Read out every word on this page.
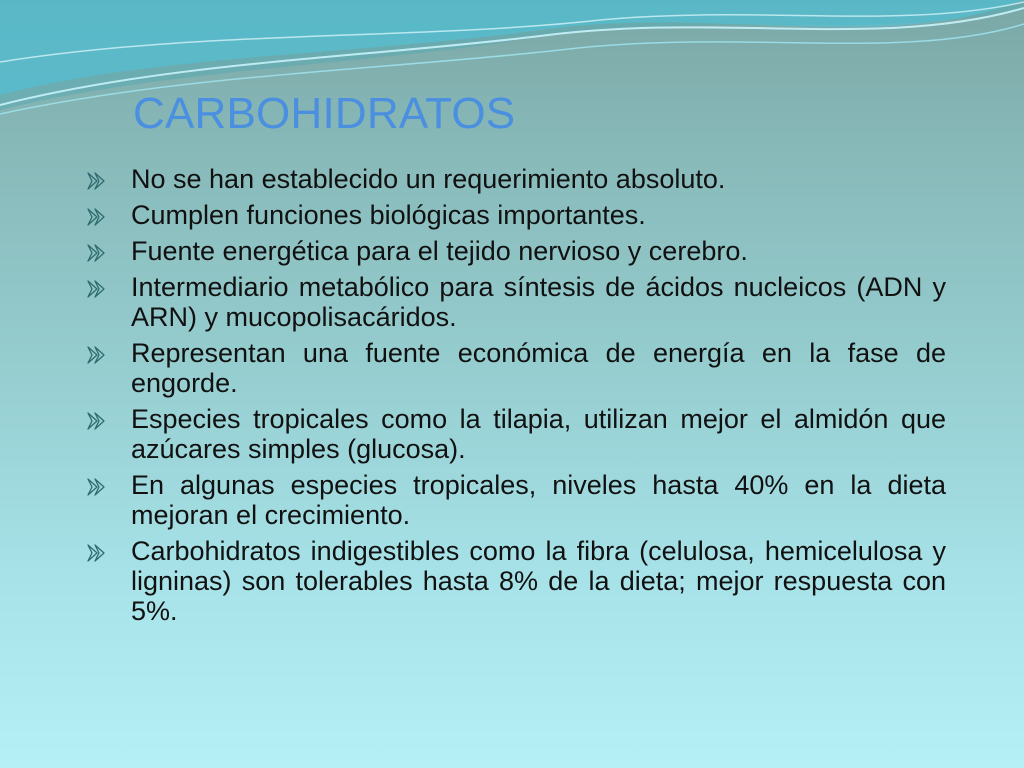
CARBOHIDRATOS
No se han establecido un requerimiento absoluto.
Cumplen funciones biológicas importantes.
Fuente energética para el tejido nervioso y cerebro.
Intermediario metabólico para síntesis de ácidos nucleicos (ADN y ARN) y mucopolisacáridos.
Representan una fuente económica de energía en la fase de engorde.
Especies tropicales como la tilapia, utilizan mejor el almidón que azúcares simples (glucosa).
En algunas especies tropicales, niveles hasta 40% en la dieta mejoran el crecimiento.
Carbohidratos indigestibles como la fibra (celulosa, hemicelulosa y ligninas) son tolerables hasta 8% de la dieta; mejor respuesta con 5%.
